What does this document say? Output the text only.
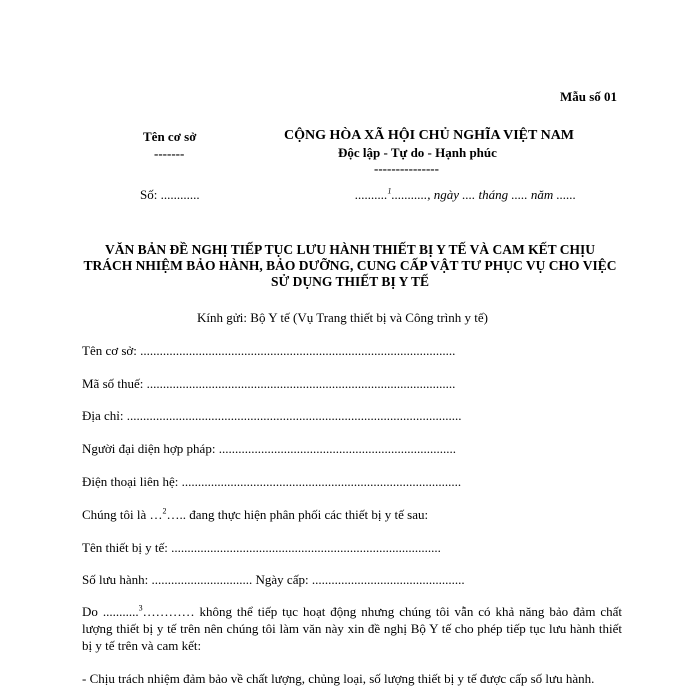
Mẫu số 01
Tên cơ sở
-------
CỘNG HÒA XÃ HỘI CHỦ NGHĨA VIỆT NAM
Độc lập - Tự do - Hạnh phúc
---------------
Số: ............	..........$^1$..........., ngày .... tháng ..... năm ......
VĂN BẢN ĐỀ NGHỊ TIẾP TỤC LƯU HÀNH THIẾT BỊ Y TẾ VÀ CAM KẾT CHỊU TRÁCH NHIỆM BẢO HÀNH, BẢO DƯỠNG, CUNG CẤP VẬT TƯ PHỤC VỤ CHO VIỆC SỬ DỤNG THIẾT BỊ Y TẾ
Kính gửi: Bộ Y tế (Vụ Trang thiết bị và Công trình y tế)
Tên cơ sở: .................................................................................................
Mã số thuế: ...............................................................................................
Địa chỉ: .......................................................................................................
Người đại diện hợp pháp: .........................................................................
Điện thoại liên hệ: ......................................................................................
Chúng tôi là …$^2$….. đang thực hiện phân phối các thiết bị y tế sau:
Tên thiết bị y tế: ...................................................................................
Số lưu hành: ............................... Ngày cấp: ...............................................
Do ...........$^3$………… không thể tiếp tục hoạt động nhưng chúng tôi vẫn có khả năng bảo đảm chất lượng thiết bị y tế trên nên chúng tôi làm văn này xin đề nghị Bộ Y tế cho phép tiếp tục lưu hành thiết bị y tế trên và cam kết:
- Chịu trách nhiệm đảm bảo về chất lượng, chủng loại, số lượng thiết bị y tế được cấp số lưu hành.
